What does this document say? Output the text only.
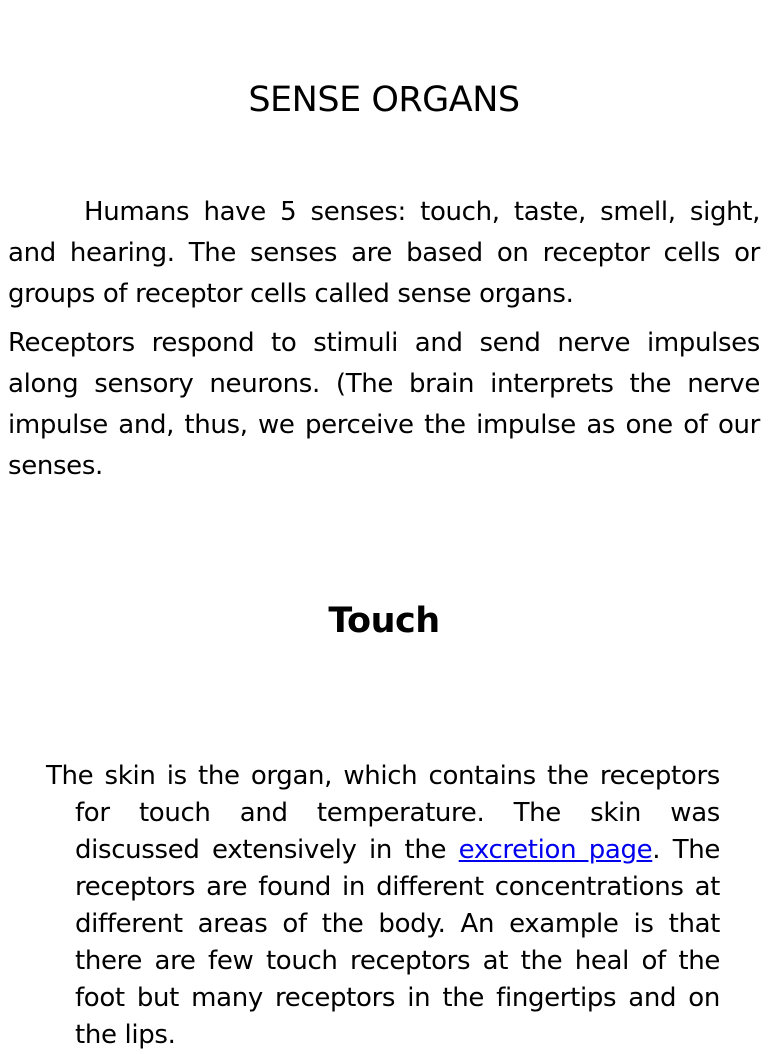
SENSE ORGANS

Humans have 5 senses: touch, taste, smell, sight, and hearing. The senses are based on receptor cells or groups of receptor cells called sense organs.

Receptors respond to stimuli and send nerve impulses along sensory neurons. (The brain interprets the nerve impulse and, thus, we perceive the impulse as one of our senses.

Touch

The skin is the organ, which contains the receptors for touch and temperature. The skin was discussed extensively in the excretion page. The receptors are found in different concentrations at different areas of the body. An example is that there are few touch receptors at the heal of the foot but many receptors in the fingertips and on the lips.
